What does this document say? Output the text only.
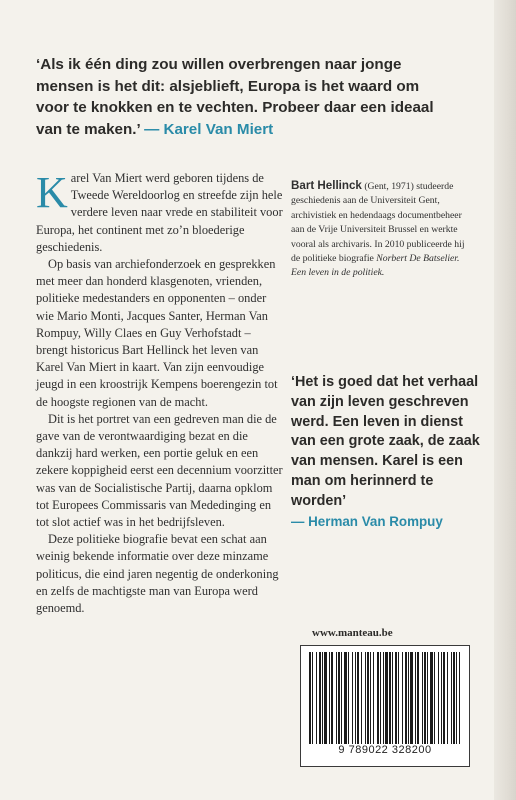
‘Als ik één ding zou willen overbrengen naar jonge mensen is het dit: alsjeblieft, Europa is het waard om voor te knokken en te vechten. Probeer daar een ideaal van te maken.’ — Karel Van Miert

Karel Van Miert werd geboren tijdens de Tweede Wereldoorlog en streefde zijn hele verdere leven naar vrede en stabiliteit voor Europa, het continent met zo’n bloederige geschiedenis.

Op basis van archiefonderzoek en gesprekken met meer dan honderd klasgenoten, vrienden, politieke medestanders en opponenten – onder wie Mario Monti, Jacques Santer, Herman Van Rompuy, Willy Claes en Guy Verhofstadt – brengt historicus Bart Hellinck het leven van Karel Van Miert in kaart. Van zijn eenvoudige jeugd in een kroostrijk Kempens boerengezin tot de hoogste regionen van de macht.

Dit is het portret van een gedreven man die de gave van de verontwaardiging bezat en die dankzij hard werken, een portie geluk en een zekere koppigheid eerst een decennium voorzitter was van de Socialistische Partij, daarna opklom tot Europees Commissaris van Mededinging en tot slot actief was in het bedrijfsleven.

Deze politieke biografie bevat een schat aan weinig bekende informatie over deze minzame politicus, die eind jaren negentig de onderkoning en zelfs de machtigste man van Europa werd genoemd.

Bart Hellinck (Gent, 1971) studeerde geschiedenis aan de Universiteit Gent, archivistiek en hedendaags documentbeheer aan de Vrije Universiteit Brussel en werkte vooral als archivaris. In 2010 publiceerde hij de politieke biografie Norbert De Batselier. Een leven in de politiek.
‘Het is goed dat het verhaal van zijn leven geschreven werd. Een leven in dienst van een grote zaak, de zaak van mensen. Karel is een man om herinnerd te worden’
— Herman Van Rompuy
www.manteau.be
9 789022 328200
